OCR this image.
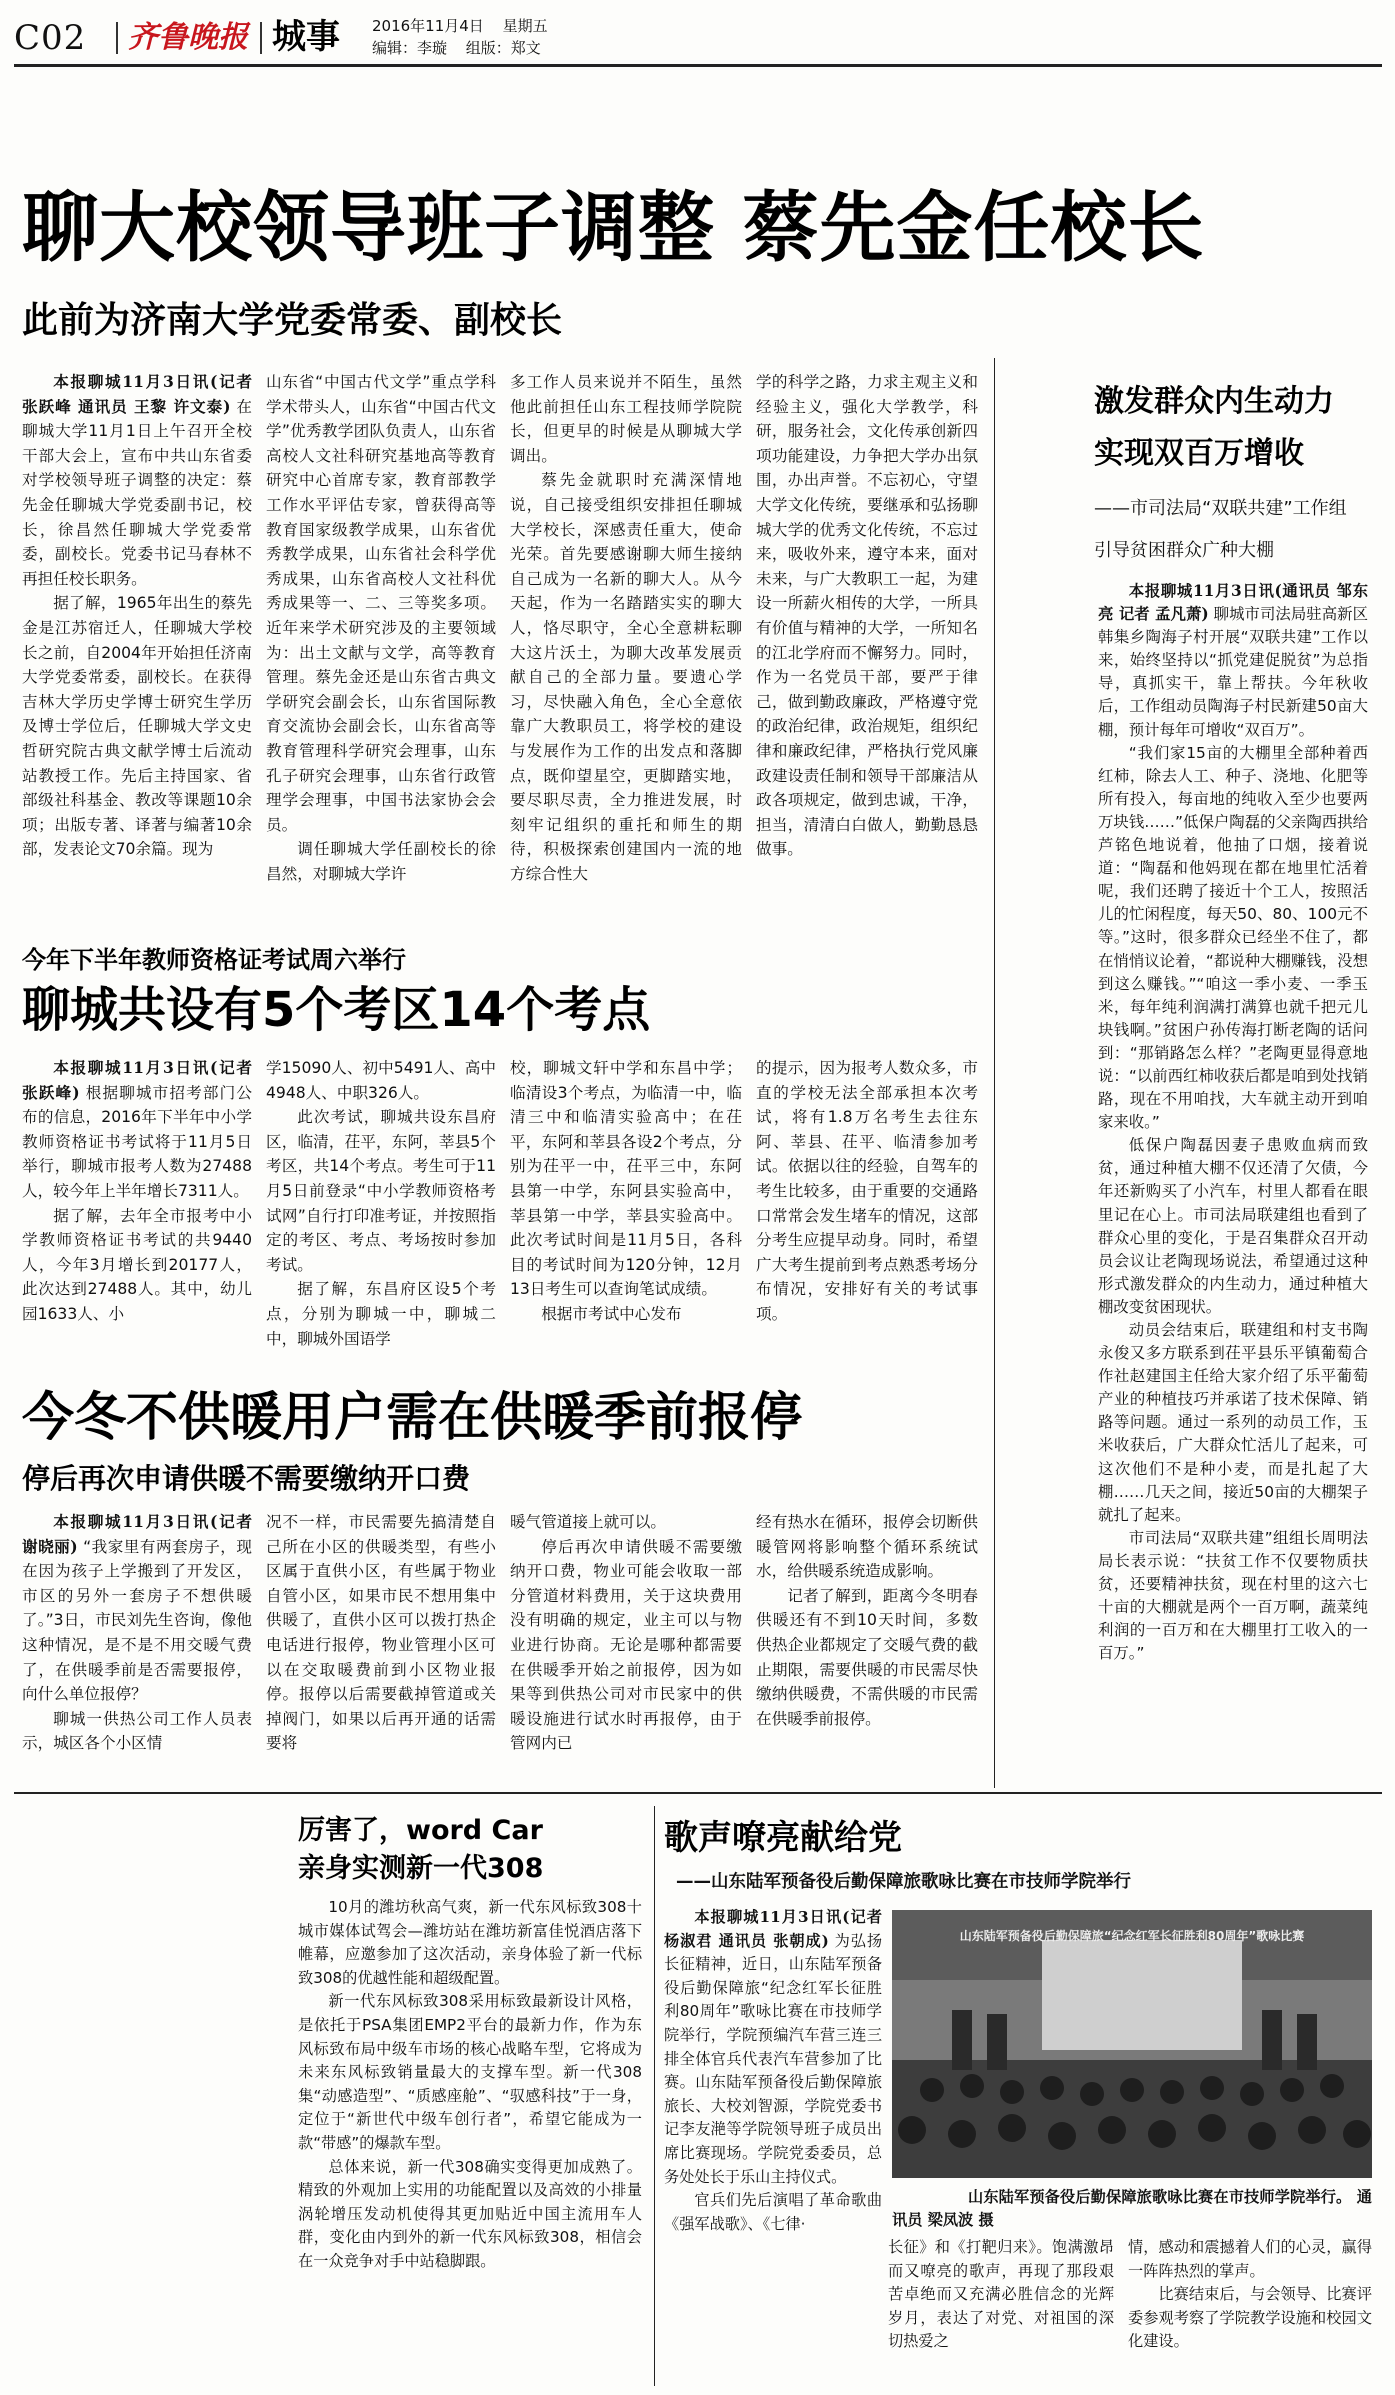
C02 齐鲁晚报 城事 2016年11月4日 星期五
编辑：李璇 组版：郑文
聊大校领导班子调整 蔡先金任校长
此前为济南大学党委常委、副校长

本报聊城11月3日讯(记者 张跃峰 通讯员 王黎 许文泰) 在聊城大学11月1日上午召开全校干部大会上，宣布中共山东省委对学校领导班子调整的决定：蔡先金任聊城大学党委副书记，校长，徐昌然任聊城大学党委常委，副校长。党委书记马春林不再担任校长职务。

据了解，1965年出生的蔡先金是江苏宿迁人，任聊城大学校长之前，自2004年开始担任济南大学党委常委，副校长。在获得吉林大学历史学博士研究生学历及博士学位后，任聊城大学文史哲研究院古典文献学博士后流动站教授工作。先后主持国家、省部级社科基金、教改等课题10余项；出版专著、译著与编著10余部，发表论文70余篇。现为

山东省“中国古代文学”重点学科学术带头人，山东省“中国古代文学”优秀教学团队负责人，山东省高校人文社科研究基地高等教育研究中心首席专家，教育部教学工作水平评估专家，曾获得高等教育国家级教学成果，山东省优秀教学成果，山东省社会科学优秀成果，山东省高校人文社科优秀成果等一、二、三等奖多项。近年来学术研究涉及的主要领域为：出土文献与文学，高等教育管理。蔡先金还是山东省古典文学研究会副会长，山东省国际教育交流协会副会长，山东省高等教育管理科学研究会理事，山东孔子研究会理事，山东省行政管理学会理事，中国书法家协会会员。

调任聊城大学任副校长的徐昌然，对聊城大学许

多工作人员来说并不陌生，虽然他此前担任山东工程技师学院院长，但更早的时候是从聊城大学调出。

蔡先金就职时充满深情地说，自己接受组织安排担任聊城大学校长，深感责任重大，使命光荣。首先要感谢聊大师生接纳自己成为一名新的聊大人。从今天起，作为一名踏踏实实的聊大人，恪尽职守，全心全意耕耘聊大这片沃土，为聊大改革发展贡献自己的全部力量。要遗心学习，尽快融入角色，全心全意依靠广大教职员工，将学校的建设与发展作为工作的出发点和落脚点，既仰望星空，更脚踏实地，要尽职尽责，全力推进发展，时刻牢记组织的重托和师生的期待，积极探索创建国内一流的地方综合性大

学的科学之路，力求主观主义和经验主义，强化大学教学，科研，服务社会，文化传承创新四项功能建设，力争把大学办出氛围，办出声誉。不忘初心，守望大学文化传统，要继承和弘扬聊城大学的优秀文化传统，不忘过来，吸收外来，遵守本来，面对未来，与广大教职工一起，为建设一所薪火相传的大学，一所具有价值与精神的大学，一所知名的江北学府而不懈努力。同时，作为一名党员干部，要严于律己，做到勤政廉政，严格遵守党的政治纪律，政治规矩，组织纪律和廉政纪律，严格执行党风廉政建设责任制和领导干部廉洁从政各项规定，做到忠诚，干净，担当，清清白白做人，勤勤恳恳做事。

今年下半年教师资格证考试周六举行
聊城共设有5个考区14个考点

本报聊城11月3日讯(记者 张跃峰) 根据聊城市招考部门公布的信息，2016年下半年中小学教师资格证书考试将于11月5日举行，聊城市报考人数为27488人，较今年上半年增长7311人。

据了解，去年全市报考中小学教师资格证书考试的共9440人，今年3月增长到20177人，此次达到27488人。其中，幼儿园1633人、小

学15090人、初中5491人、高中4948人、中职326人。

此次考试，聊城共设东昌府区，临清，茌平，东阿，莘县5个考区，共14个考点。考生可于11月5日前登录“中小学教师资格考试网”自行打印准考证，并按照指定的考区、考点、考场按时参加考试。

据了解，东昌府区设5个考点，分别为聊城一中，聊城二中，聊城外国语学

校，聊城文轩中学和东昌中学；临清设3个考点，为临清一中，临清三中和临清实验高中；在茌平，东阿和莘县各设2个考点，分别为茌平一中，茌平三中，东阿县第一中学，东阿县实验高中，莘县第一中学，莘县实验高中。此次考试时间是11月5日，各科目的考试时间为120分钟，12月13日考生可以查询笔试成绩。

根据市考试中心发布

的提示，因为报考人数众多，市直的学校无法全部承担本次考试，将有1.8万名考生去往东阿、莘县、茌平、临清参加考试。依据以往的经验，自驾车的考生比较多，由于重要的交通路口常常会发生堵车的情况，这部分考生应提早动身。同时，希望广大考生提前到考点熟悉考场分布情况，安排好有关的考试事项。

今冬不供暖用户需在供暖季前报停
停后再次申请供暖不需要缴纳开口费

本报聊城11月3日讯(记者 谢晓丽) “我家里有两套房子，现在因为孩子上学搬到了开发区，市区的另外一套房子不想供暖了。”3日，市民刘先生咨询，像他这种情况，是不是不用交暖气费了，在供暖季前是否需要报停，向什么单位报停？

聊城一供热公司工作人员表示，城区各个小区情

况不一样，市民需要先搞清楚自己所在小区的供暖类型，有些小区属于直供小区，有些属于物业自管小区，如果市民不想用集中供暖了，直供小区可以拨打热企电话进行报停，物业管理小区可以在交取暖费前到小区物业报停。报停以后需要截掉管道或关掉阀门，如果以后再开通的话需要将

暖气管道接上就可以。

停后再次申请供暖不需要缴纳开口费，物业可能会收取一部分管道材料费用，关于这块费用没有明确的规定，业主可以与物业进行协商。无论是哪种都需要在供暖季开始之前报停，因为如果等到供热公司对市民家中的供暖设施进行试水时再报停，由于管网内已

经有热水在循环，报停会切断供暖管网将影响整个循环系统试水，给供暖系统造成影响。

记者了解到，距离今冬明春供暖还有不到10天时间，多数供热企业都规定了交暖气费的截止期限，需要供暖的市民需尽快缴纳供暖费，不需供暖的市民需在供暖季前报停。

激发群众内生动力
实现双百万增收
——市司法局“双联共建”工作组
引导贫困群众广种大棚

本报聊城11月3日讯(通讯员 邹东亮 记者 孟凡萧) 聊城市司法局驻高新区韩集乡陶海子村开展“双联共建”工作以来，始终坚持以“抓党建促脱贫”为总指导，真抓实干，靠上帮扶。今年秋收后，工作组动员陶海子村民新建50亩大棚，预计每年可增收“双百万”。

“我们家15亩的大棚里全部种着西红柿，除去人工、种子、浇地、化肥等所有投入，每亩地的纯收入至少也要两万块钱……”低保户陶磊的父亲陶西拱给芦铭色地说着，他抽了口烟，接着说道：“陶磊和他妈现在都在地里忙活着呢，我们还聘了接近十个工人，按照活儿的忙闲程度，每天50、80、100元不等。”这时，很多群众已经坐不住了，都在悄悄议论着，“都说种大棚赚钱，没想到这么赚钱。”“咱这一季小麦、一季玉米，每年纯利润满打满算也就千把元儿块钱啊。”贫困户孙传海打断老陶的话问到：“那销路怎么样？”老陶更显得意地说：“以前西红柿收获后都是咱到处找销路，现在不用咱找，大车就主动开到咱家来收。”

低保户陶磊因妻子患败血病而致贫，通过种植大棚不仅还清了欠债，今年还新购买了小汽车，村里人都看在眼里记在心上。市司法局联建组也看到了群众心里的变化，于是召集群众召开动员会议让老陶现场说法，希望通过这种形式激发群众的内生动力，通过种植大棚改变贫困现状。

动员会结束后，联建组和村支书陶永俊又多方联系到茌平县乐平镇葡萄合作社赵建国主任给大家介绍了乐平葡萄产业的种植技巧并承诺了技术保障、销路等问题。通过一系列的动员工作，玉米收获后，广大群众忙活儿了起来，可这次他们不是种小麦，而是扎起了大棚……几天之间，接近50亩的大棚架子就扎了起来。

市司法局“双联共建”组组长周明法局长表示说：“扶贫工作不仅要物质扶贫，还要精神扶贫，现在村里的这六七十亩的大棚就是两个一百万啊，蔬菜纯利润的一百万和在大棚里打工收入的一百万。”

厉害了，word Car
亲身实测新一代308

10月的潍坊秋高气爽，新一代东风标致308十城市媒体试驾会—潍坊站在潍坊新富佳悦酒店落下帷幕，应邀参加了这次活动，亲身体验了新一代标致308的优越性能和超级配置。

新一代东风标致308采用标致最新设计风格，是依托于PSA集团EMP2平台的最新力作，作为东风标致布局中级车市场的核心战略车型，它将成为未来东风标致销量最大的支撑车型。新一代308集“动感造型”、“质感座舱”、“驭感科技”于一身，定位于“新世代中级车创行者”，希望它能成为一款“带感”的爆款车型。

总体来说，新一代308确实变得更加成熟了。精致的外观加上实用的功能配置以及高效的小排量涡轮增压发动机使得其更加贴近中国主流用车人群，变化由内到外的新一代东风标致308，相信会在一众竞争对手中站稳脚跟。

歌声嘹亮献给党
——山东陆军预备役后勤保障旅歌咏比赛在市技师学院举行

本报聊城11月3日讯(记者 杨淑君 通讯员 张朝成) 为弘扬长征精神，近日，山东陆军预备役后勤保障旅“纪念红军长征胜利80周年”歌咏比赛在市技师学院举行，学院预编汽车营三连三排全体官兵代表汽车营参加了比赛。山东陆军预备役后勤保障旅旅长、大校刘智源，学院党委书记李友滟等学院领导班子成员出席比赛现场。学院党委委员，总务处处长于乐山主持仪式。

官兵们先后演唱了革命歌曲《强军战歌》、《七律·

山东陆军预备役后勤保障旅“纪念红军长征胜利80周年”歌咏比赛
山东陆军预备役后勤保障旅歌咏比赛在市技师学院举行。 通讯员 梁凤波 摄

长征》和《打靶归来》。饱满激昂而又嘹亮的歌声，再现了那段艰苦卓绝而又充满必胜信念的光辉岁月，表达了对党、对祖国的深切热爱之

情，感动和震撼着人们的心灵，赢得一阵阵热烈的掌声。

比赛结束后，与会领导、比赛评委参观考察了学院教学设施和校园文化建设。
